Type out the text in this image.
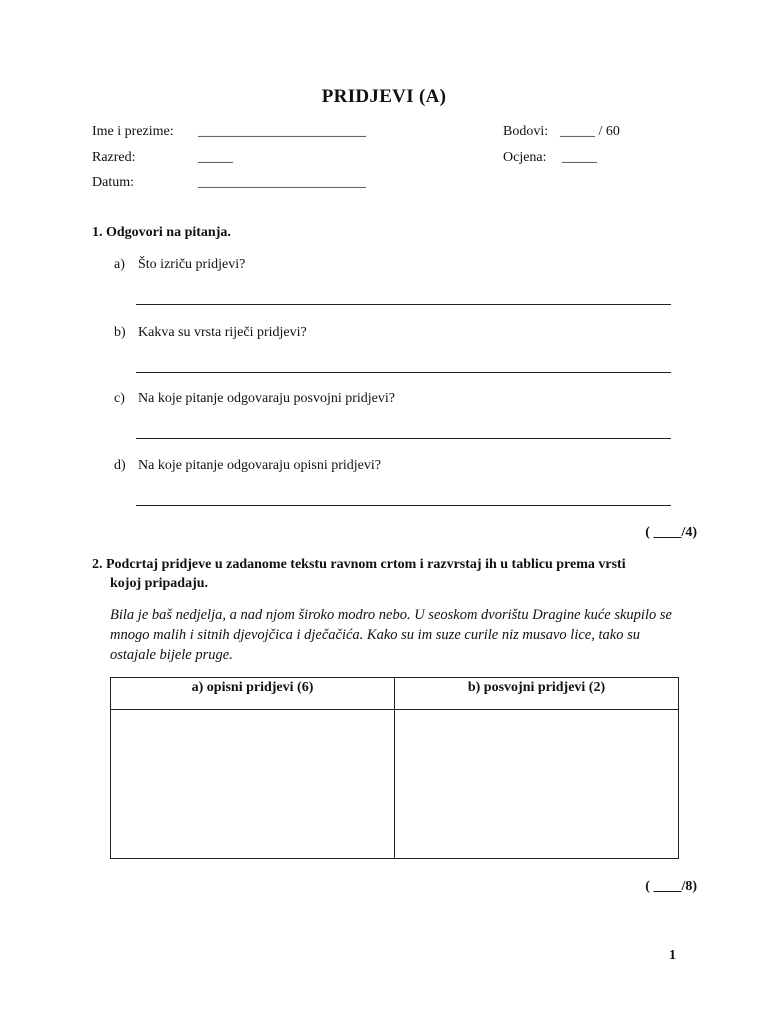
PRIDJEVI (A)
Ime i prezime: ________________________
Razred:	_____
Datum:	________________________
Bodovi: _____ / 60
Ocjena: _____
1. Odgovori na pitanja.
a) Što izriču pridjevi?
b) Kakva su vrsta riječi pridjevi?
c) Na koje pitanje odgovaraju posvojni pridjevi?
d) Na koje pitanje odgovaraju opisni pridjevi?
( ____/4)
2. Podcrtaj pridjeve u zadanome tekstu ravnom crtom i razvrstaj ih u tablicu prema vrsti
kojoj pripadaju.
Bila je baš nedjelja, a nad njom široko modro nebo. U seoskom dvorištu Dragine kuće skupilo se
mnogo malih i sitnih djevojčica i dječačića. Kako su im suze curile niz musavo lice, tako su
ostajale bijele pruge.
a) opisni pridjevi (6)	b) posvojni pridjevi (2)

( ____/8)
1
